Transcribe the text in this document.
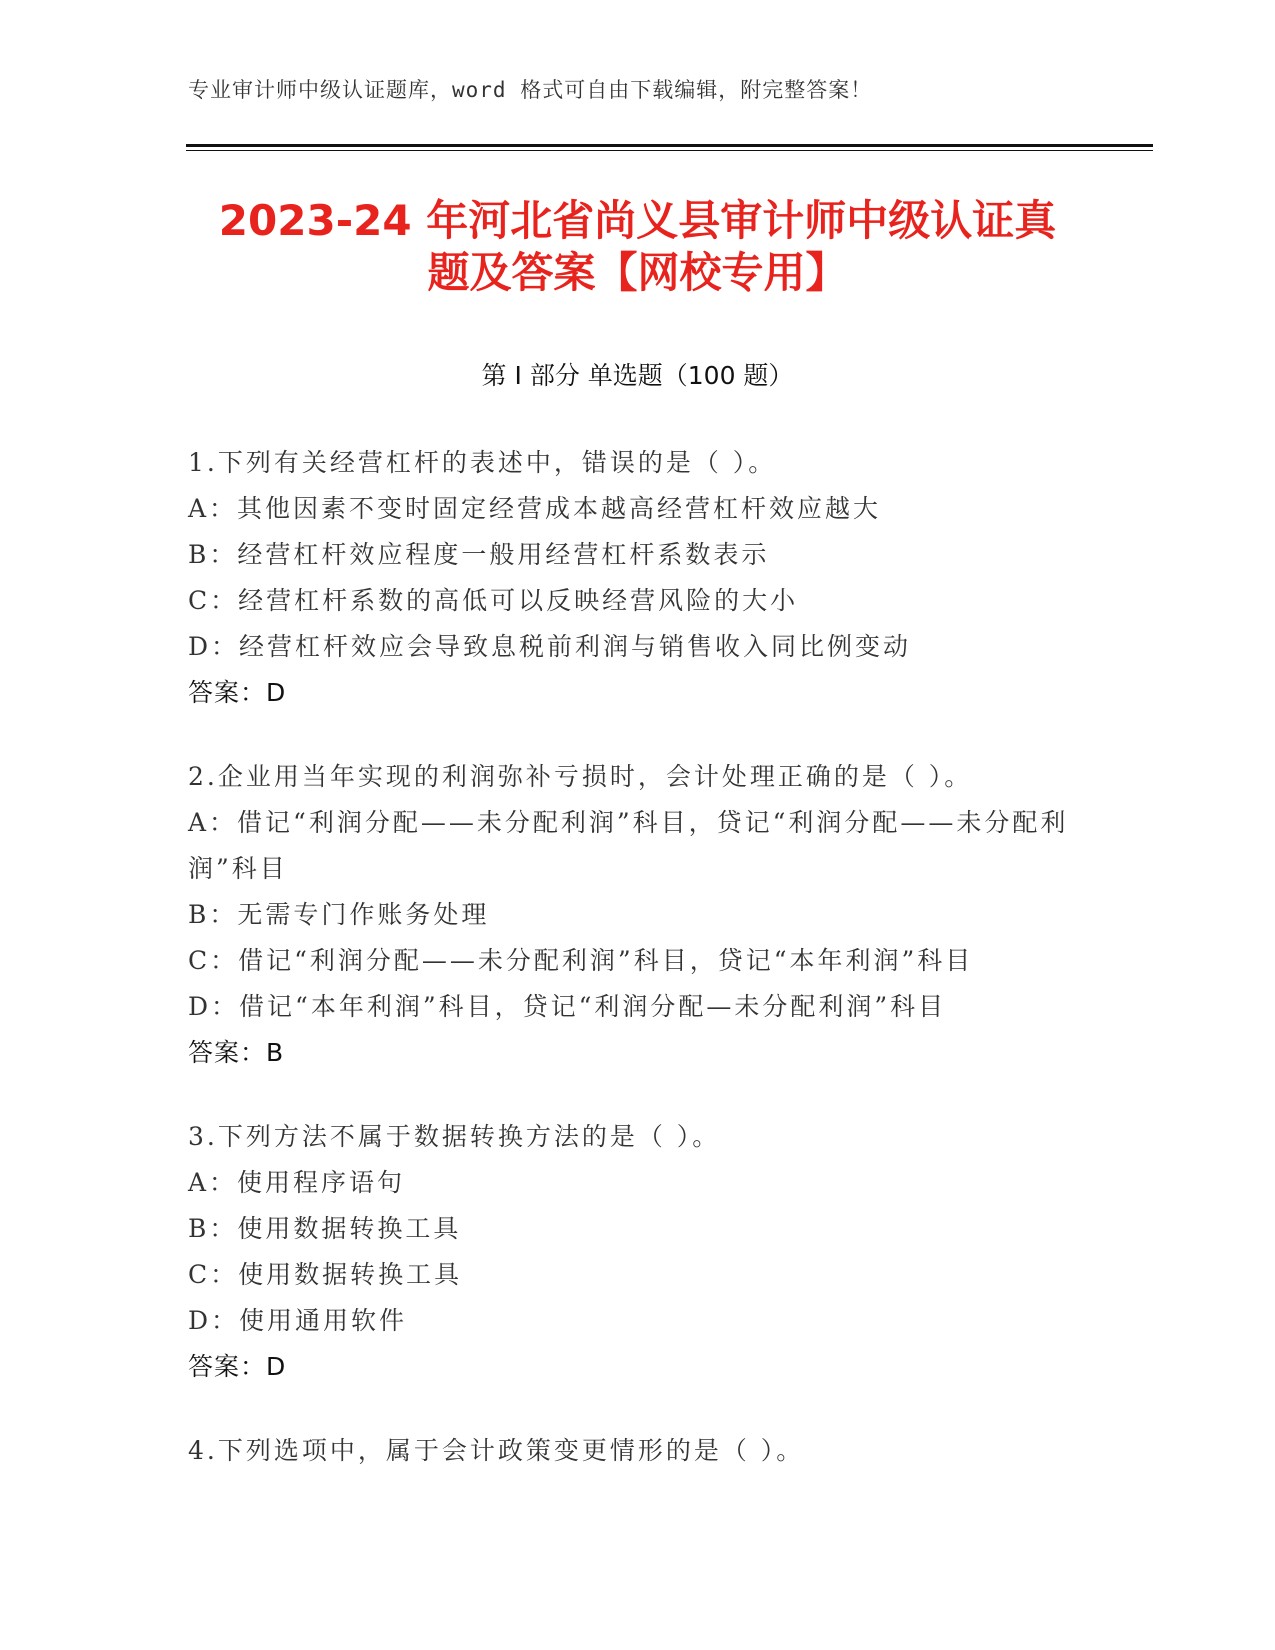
专业审计师中级认证题库，word 格式可自由下载编辑，附完整答案！
2023-24 年河北省尚义县审计师中级认证真
题及答案【网校专用】
第 I 部分 单选题（100 题）
1.下列有关经营杠杆的表述中，错误的是（ ）。
A：其他因素不变时固定经营成本越高经营杠杆效应越大
B：经营杠杆效应程度一般用经营杠杆系数表示
C：经营杠杆系数的高低可以反映经营风险的大小
D：经营杠杆效应会导致息税前利润与销售收入同比例变动
答案：D
2.企业用当年实现的利润弥补亏损时，会计处理正确的是（ ）。
A：借记“利润分配——未分配利润”科目，贷记“利润分配——未分配利润”科目
B：无需专门作账务处理
C：借记“利润分配——未分配利润”科目，贷记“本年利润”科目
D：借记“本年利润”科目，贷记“利润分配—未分配利润”科目
答案：B
3.下列方法不属于数据转换方法的是（ ）。
A：使用程序语句
B：使用数据转换工具
C：使用数据转换工具
D：使用通用软件
答案：D
4.下列选项中，属于会计政策变更情形的是（ ）。
